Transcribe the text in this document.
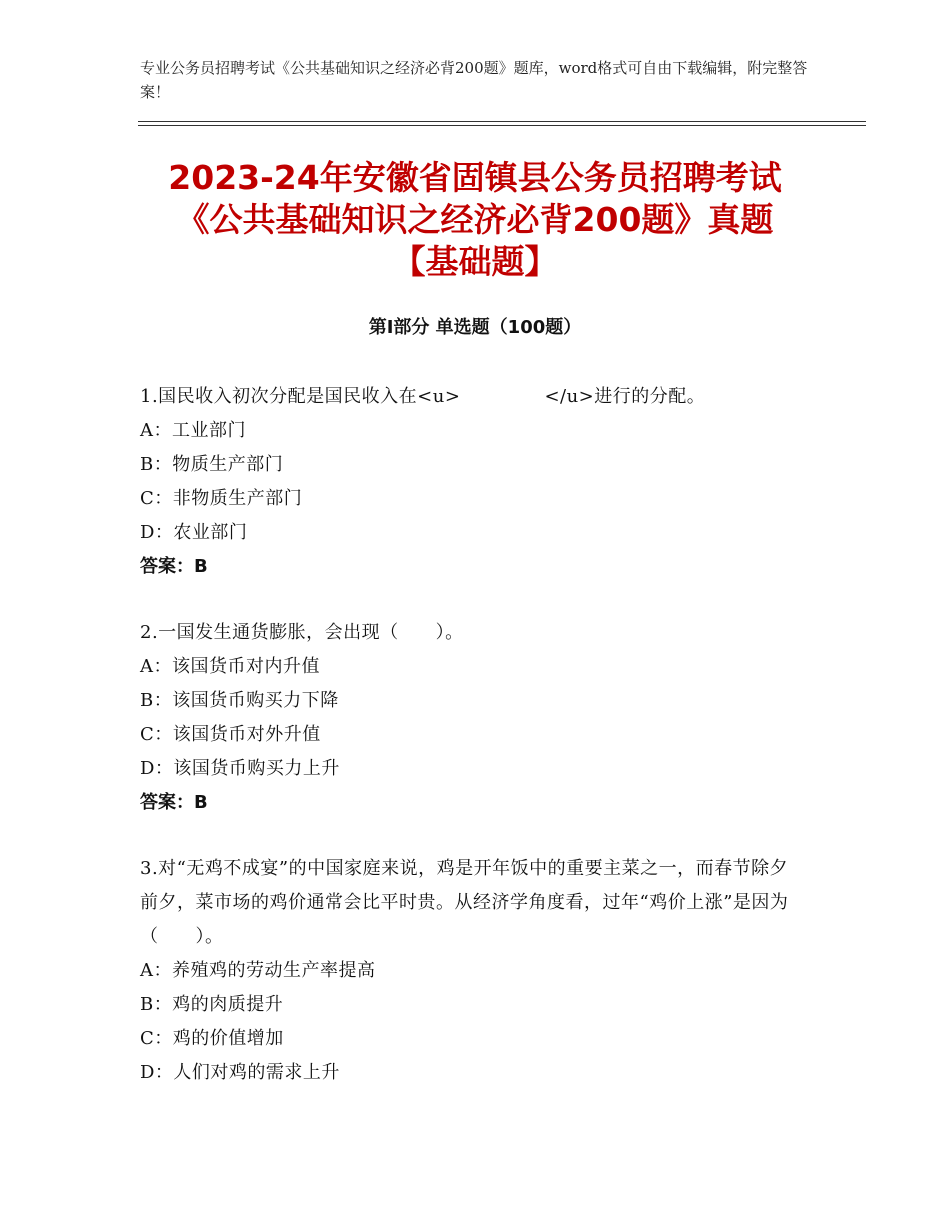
专业公务员招聘考试《公共基础知识之经济必背200题》题库，word格式可自由下载编辑，附完整答案！
2023-24年安徽省固镇县公务员招聘考试
《公共基础知识之经济必背200题》真题
【基础题】
第Ⅰ部分 单选题（100题）

1.国民收入初次分配是国民收入在<u>	</u>进行的分配。

A：工业部门

B：物质生产部门

C：非物质生产部门

D：农业部门

答案：B

2.一国发生通货膨胀，会出现（　　）。

A：该国货币对内升值

B：该国货币购买力下降

C：该国货币对外升值

D：该国货币购买力上升

答案：B

3.对“无鸡不成宴”的中国家庭来说，鸡是开年饭中的重要主菜之一，而春节除夕前夕，菜市场的鸡价通常会比平时贵。从经济学角度看，过年“鸡价上涨”是因为（　　）。

A：养殖鸡的劳动生产率提高

B：鸡的肉质提升

C：鸡的价值增加

D：人们对鸡的需求上升
